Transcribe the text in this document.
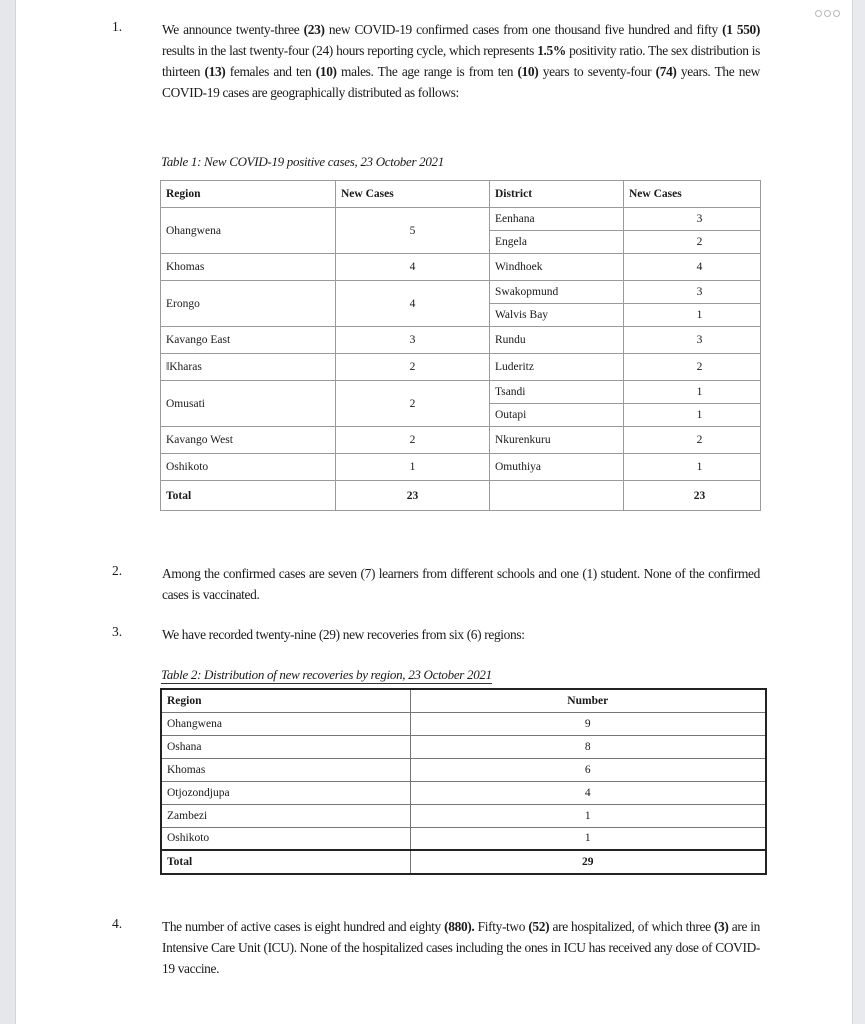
1.	We announce twenty-three (23) new COVID-19 confirmed cases from one thousand five hundred and fifty (1 550) results in the last twenty-four (24) hours reporting cycle, which represents 1.5% positivity ratio. The sex distribution is thirteen (13) females and ten (10) males. The age range is from ten (10) years to seventy-four (74) years. The new COVID-19 cases are geographically distributed as follows:
Table 1: New COVID-19 positive cases, 23 October 2021
Region	New Cases	District	New Cases
Ohangwena	5	Eenhana	3
		Engela	2
Khomas	4	Windhoek	4
Erongo	4	Swakopmund	3
		Walvis Bay	1
Kavango East	3	Rundu	3
ǁKharas	2	Luderitz	2
Omusati	2	Tsandi	1
		Outapi	1
Kavango West	2	Nkurenkuru	2
Oshikoto	1	Omuthiya	1
Total	23		23
2.	Among the confirmed cases are seven (7) learners from different schools and one (1) student. None of the confirmed cases is vaccinated.
3.	We have recorded twenty-nine (29) new recoveries from six (6) regions:
Table 2: Distribution of new recoveries by region, 23 October 2021
Region	Number
Ohangwena	9
Oshana	8
Khomas	6
Otjozondjupa	4
Zambezi	1
Oshikoto	1
Total	29
4.	The number of active cases is eight hundred and eighty (880). Fifty-two (52) are hospitalized, of which three (3) are in Intensive Care Unit (ICU). None of the hospitalized cases including the ones in ICU has received any dose of COVID-19 vaccine.
